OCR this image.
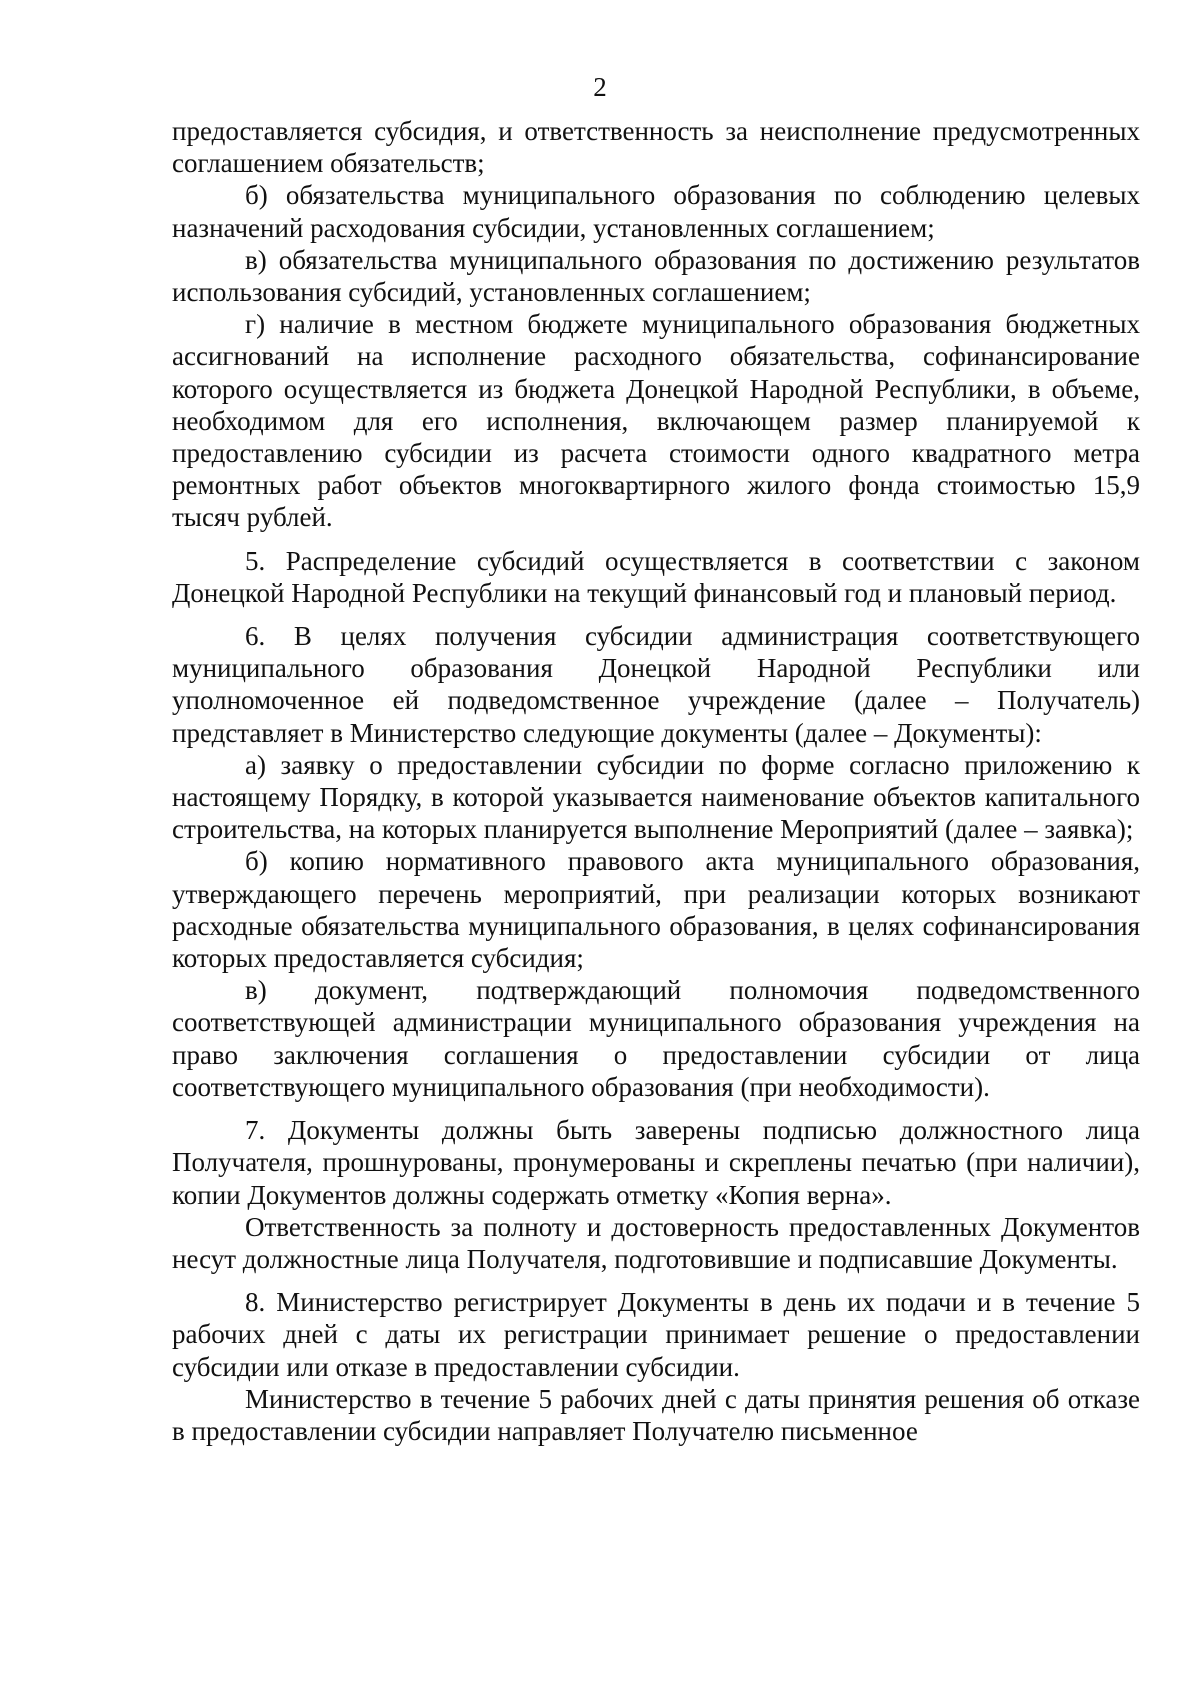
2

предоставляется субсидия, и ответственность за неисполнение предусмотренных соглашением обязательств;

б) обязательства муниципального образования по соблюдению целевых назначений расходования субсидии, установленных соглашением;

в) обязательства муниципального образования по достижению результатов использования субсидий, установленных соглашением;

г) наличие в местном бюджете муниципального образования бюджетных ассигнований на исполнение расходного обязательства, софинансирование которого осуществляется из бюджета Донецкой Народной Республики, в объеме, необходимом для его исполнения, включающем размер планируемой к предоставлению субсидии из расчета стоимости одного квадратного метра ремонтных работ объектов многоквартирного жилого фонда стоимостью 15,9 тысяч рублей.

5. Распределение субсидий осуществляется в соответствии с законом Донецкой Народной Республики на текущий финансовый год и плановый период.

6. В целях получения субсидии администрация соответствующего муниципального образования Донецкой Народной Республики или уполномоченное ей подведомственное учреждение (далее – Получатель) представляет в Министерство следующие документы (далее – Документы):

а) заявку о предоставлении субсидии по форме согласно приложению к настоящему Порядку, в которой указывается наименование объектов капитального строительства, на которых планируется выполнение Мероприятий (далее – заявка);

б) копию нормативного правового акта муниципального образования, утверждающего перечень мероприятий, при реализации которых возникают расходные обязательства муниципального образования, в целях софинансирования которых предоставляется субсидия;

в) документ, подтверждающий полномочия подведомственного соответствующей администрации муниципального образования учреждения на право заключения соглашения о предоставлении субсидии от лица соответствующего муниципального образования (при необходимости).

7. Документы должны быть заверены подписью должностного лица Получателя, прошнурованы, пронумерованы и скреплены печатью (при наличии), копии Документов должны содержать отметку «Копия верна».

Ответственность за полноту и достоверность предоставленных Документов несут должностные лица Получателя, подготовившие и подписавшие Документы.

8. Министерство регистрирует Документы в день их подачи и в течение 5 рабочих дней с даты их регистрации принимает решение о предоставлении субсидии или отказе в предоставлении субсидии.

Министерство в течение 5 рабочих дней с даты принятия решения об отказе в предоставлении субсидии направляет Получателю письменное
